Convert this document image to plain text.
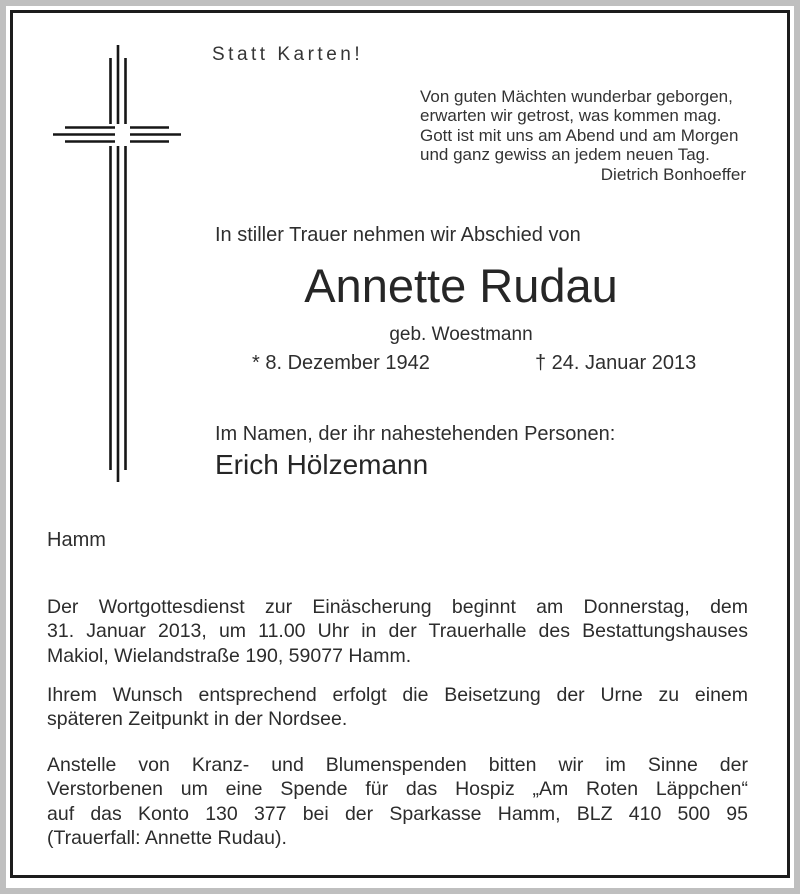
Statt Karten!
Von guten Mächten wunderbar geborgen,
erwarten wir getrost, was kommen mag.
Gott ist mit uns am Abend und am Morgen
und ganz gewiss an jedem neuen Tag.
Dietrich Bonhoeffer
In stiller Trauer nehmen wir Abschied von
Annette Rudau
geb. Woestmann
* 8. Dezember 1942	† 24. Januar 2013
Im Namen, der ihr nahestehenden Personen:
Erich Hölzemann
Hamm
Der Wortgottesdienst zur Einäscherung beginnt am Donnerstag, dem
31. Januar 2013, um 11.00 Uhr in der Trauerhalle des Bestattungshauses
Makiol, Wielandstraße 190, 59077 Hamm.
Ihrem Wunsch entsprechend erfolgt die Beisetzung der Urne zu einem
späteren Zeitpunkt in der Nordsee.
Anstelle von Kranz- und Blumenspenden bitten wir im Sinne der
Verstorbenen um eine Spende für das Hospiz „Am Roten Läppchen“
auf das Konto 130 377 bei der Sparkasse Hamm, BLZ 410 500 95
(Trauerfall: Annette Rudau).
